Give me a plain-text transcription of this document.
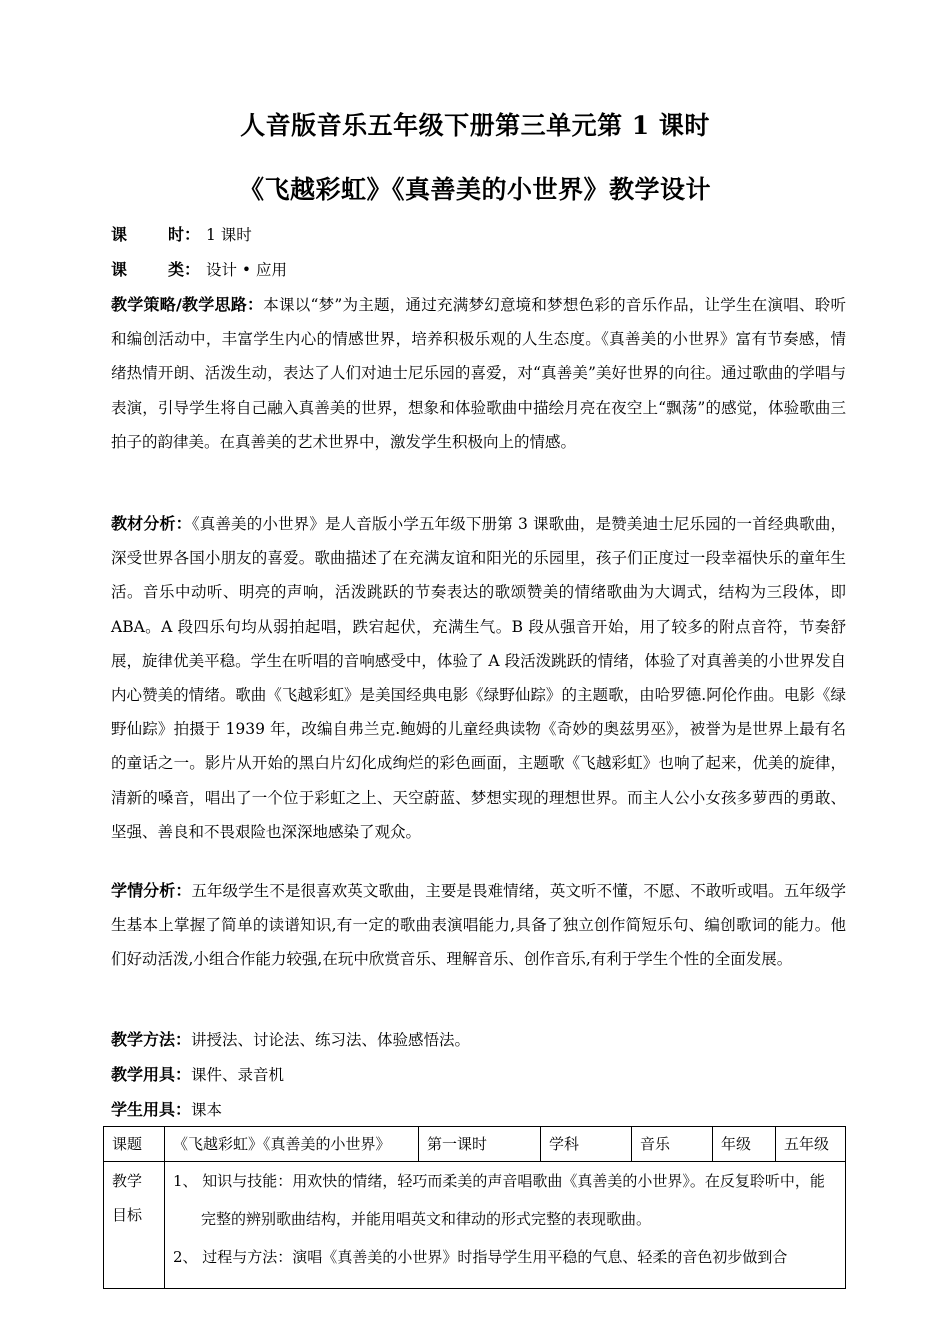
人音版音乐五年级下册第三单元第 1 课时
《飞越彩虹》《真善美的小世界》教学设计
课	时： 1 课时
课	类： 设计 • 应用
教学策略/教学思路：本课以“梦”为主题，通过充满梦幻意境和梦想色彩的音乐作品，让学生在演唱、聆听和编创活动中，丰富学生内心的情感世界，培养积极乐观的人生态度。《真善美的小世界》富有节奏感，情绪热情开朗、活泼生动，表达了人们对迪士尼乐园的喜爱，对“真善美”美好世界的向往。通过歌曲的学唱与表演，引导学生将自己融入真善美的世界，想象和体验歌曲中描绘月亮在夜空上“飘荡”的感觉，体验歌曲三拍子的韵律美。在真善美的艺术世界中，激发学生积极向上的情感。
教材分析：《真善美的小世界》是人音版小学五年级下册第 3 课歌曲，是赞美迪士尼乐园的一首经典歌曲，深受世界各国小朋友的喜爱。歌曲描述了在充满友谊和阳光的乐园里，孩子们正度过一段幸福快乐的童年生活。音乐中动听、明亮的声响，活泼跳跃的节奏表达的歌颂赞美的情绪歌曲为大调式，结构为三段体，即 ABA。A 段四乐句均从弱拍起唱，跌宕起伏，充满生气。B 段从强音开始，用了较多的附点音符，节奏舒展，旋律优美平稳。学生在听唱的音响感受中，体验了 A 段活泼跳跃的情绪，体验了对真善美的小世界发自内心赞美的情绪。歌曲《飞越彩虹》是美国经典电影《绿野仙踪》的主题歌，由哈罗德.阿伦作曲。电影《绿野仙踪》拍摄于 1939 年，改编自弗兰克.鲍姆的儿童经典读物《奇妙的奥兹男巫》，被誉为是世界上最有名的童话之一。影片从开始的黑白片幻化成绚烂的彩色画面，主题歌《飞越彩虹》也响了起来，优美的旋律，清新的嗓音，唱出了一个位于彩虹之上、天空蔚蓝、梦想实现的理想世界。而主人公小女孩多萝西的勇敢、坚强、善良和不畏艰险也深深地感染了观众。
学情分析：五年级学生不是很喜欢英文歌曲，主要是畏难情绪，英文听不懂，不愿、不敢听或唱。五年级学生基本上掌握了简单的读谱知识,有一定的歌曲表演唱能力,具备了独立创作简短乐句、编创歌词的能力。他们好动活泼,小组合作能力较强,在玩中欣赏音乐、理解音乐、创作音乐,有利于学生个性的全面发展。
教学方法：讲授法、讨论法、练习法、体验感悟法。
教学用具：课件、录音机
学生用具：课本
课题	《飞越彩虹》《真善美的小世界》	第一课时	学科	音乐	年级	五年级
教学目标	1、 知识与技能：用欢快的情绪，轻巧而柔美的声音唱歌曲《真善美的小世界》。在反复聆听中，能完整的辨别歌曲结构，并能用唱英文和律动的形式完整的表现歌曲。
2、 过程与方法：演唱《真善美的小世界》时指导学生用平稳的气息、轻柔的音色初步做到合					
